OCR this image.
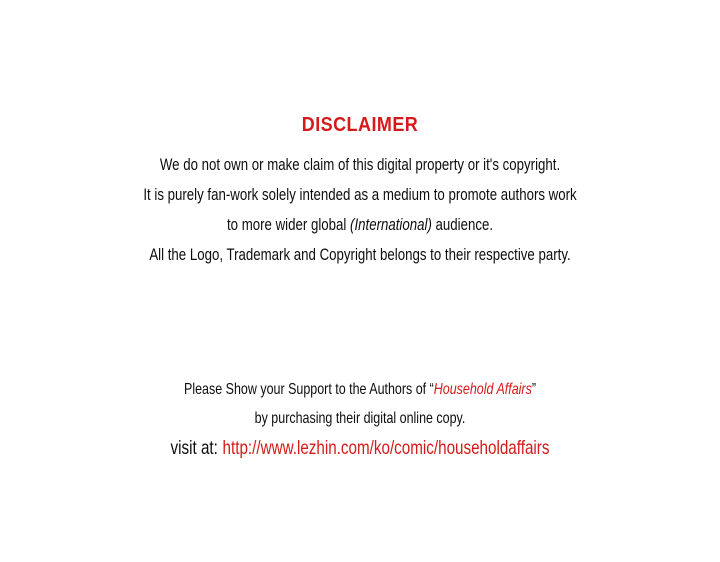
DISCLAIMER

We do not own or make claim of this digital property or it's copyright.

It is purely fan-work solely intended as a medium to promote authors work

to more wider global (International) audience.

All the Logo, Trademark and Copyright belongs to their respective party.

Please Show your Support to the Authors of “Household Affairs”

by purchasing their digital online copy.

visit at: http://www.lezhin.com/ko/comic/householdaffairs
